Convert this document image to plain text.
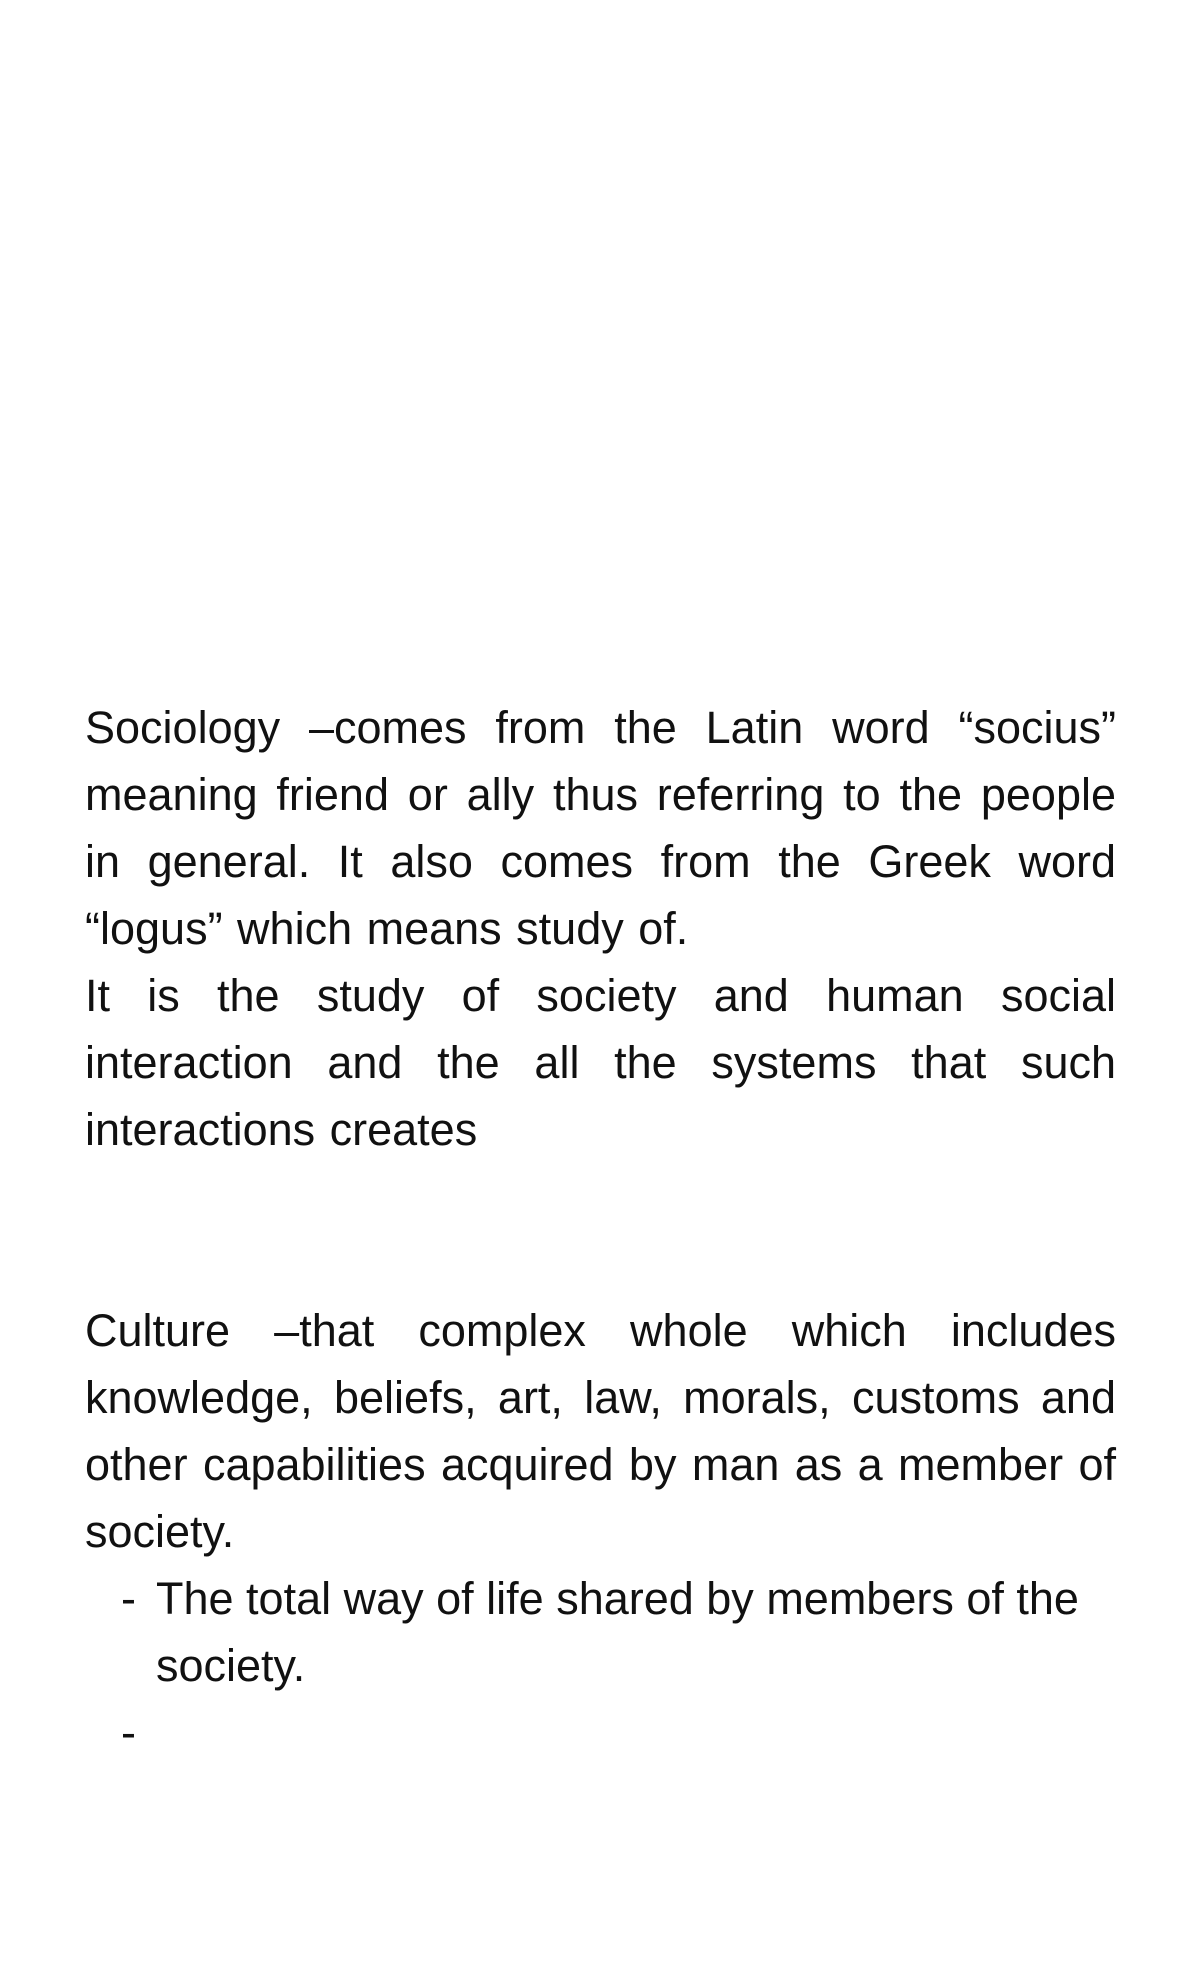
Sociology –comes from the Latin word “socius” meaning friend or ally thus referring to the people in general. It also comes from the Greek word “logus” which means study of.

It is the study of society and human social interaction and the all the systems that such interactions creates

Culture –that complex whole which includes knowledge, beliefs, art, law, morals, customs and other capabilities acquired by man as a member of society.

- The total way of life shared by members of the society.
-
